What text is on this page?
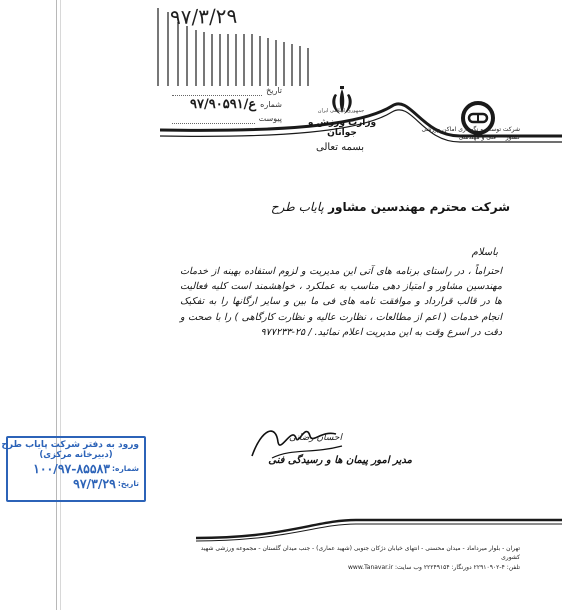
۹۷/۳/۲۹
تاریخ
۹۷/۹۰۵۹۱/ع شماره
پیوست
جمهوری اسلامی ایران
وزارت ورزش و جوانان	شرکت توسعه و نگهداری اماکن ورزشی کشور — فنی و مهندسی
بسمه تعالی
شرکت محترم مهندسین مشاور پایاب طرح
باسلام
احتراماً ، در راستای برنامه های آتی این مدیریت و لزوم استفاده بهینه از خدمات مهندسین مشاور و امتیاز دهی مناسب به عملکرد ، خواهشمند است کلیه فعالیت ها در قالب قرارداد و موافقت نامه های فی ما بین و سایر ارگانها را به تفکیک انجام خدمات ( اعم از مطالعات ، نظارت عالیه و نظارت کارگاهی ) را با صحت و دقت در اسرع وقت به این مدیریت اعلام نمائید. / ۲۵-۹۷۷۲۳۳
احسان رضانی
مدیر امور پیمان ها و رسیدگی فنی
ورود به دفتر شرکت پایاب طرح
(دبیرخانه مرکزی)
شماره:
۱۰۰/۹۷-۸۵۵۸۳
تاریخ:
۹۷/۳/۲۹
تهران - بلوار میرداماد - میدان محسنی - انتهای خیابان دژکان جنوبی (شهید عماری) - جنب میدان گلستان - مجموعه ورزشی شهید کشوری
تلفن: ۴-۲۲۹۱۰۹۰۲ دورنگار: ۲۲۲۴۹۱۵۴ وب سایت: www.Tanavar.ir
